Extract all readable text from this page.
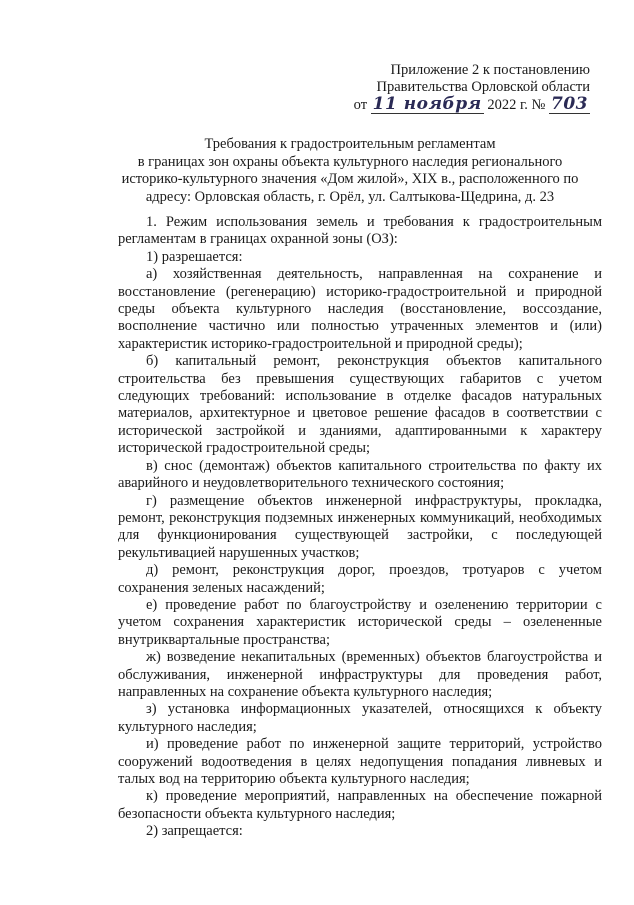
Приложение 2 к постановлению
Правительства Орловской области
от 11 ноября 2022 г. № 703
Требования к градостроительным регламентам
в границах зон охраны объекта культурного наследия регионального
историко-культурного значения «Дом жилой», XIX в., расположенного по
адресу: Орловская область, г. Орёл, ул. Салтыкова-Щедрина, д. 23

1. Режим использования земель и требования к градостроительным регламентам в границах охранной зоны (ОЗ):

1) разрешается:

а) хозяйственная деятельность, направленная на сохранение и восстановление (регенерацию) историко-градостроительной и природной среды объекта культурного наследия (восстановление, воссоздание, восполнение частично или полностью утраченных элементов и (или) характеристик историко-градостроительной и природной среды);

б) капитальный ремонт, реконструкция объектов капитального строительства без превышения существующих габаритов с учетом следующих требований: использование в отделке фасадов натуральных материалов, архитектурное и цветовое решение фасадов в соответствии с исторической застройкой и зданиями, адаптированными к характеру исторической градостроительной среды;

в) снос (демонтаж) объектов капитального строительства по факту их аварийного и неудовлетворительного технического состояния;

г) размещение объектов инженерной инфраструктуры, прокладка, ремонт, реконструкция подземных инженерных коммуникаций, необходимых для функционирования существующей застройки, с последующей рекультивацией нарушенных участков;

д) ремонт, реконструкция дорог, проездов, тротуаров с учетом сохранения зеленых насаждений;

е) проведение работ по благоустройству и озеленению территории с учетом сохранения характеристик исторической среды – озелененные внутриквартальные пространства;

ж) возведение некапитальных (временных) объектов благоустройства и обслуживания, инженерной инфраструктуры для проведения работ, направленных на сохранение объекта культурного наследия;

з) установка информационных указателей, относящихся к объекту культурного наследия;

и) проведение работ по инженерной защите территорий, устройство сооружений водоотведения в целях недопущения попадания ливневых и талых вод на территорию объекта культурного наследия;

к) проведение мероприятий, направленных на обеспечение пожарной безопасности объекта культурного наследия;

2) запрещается:
